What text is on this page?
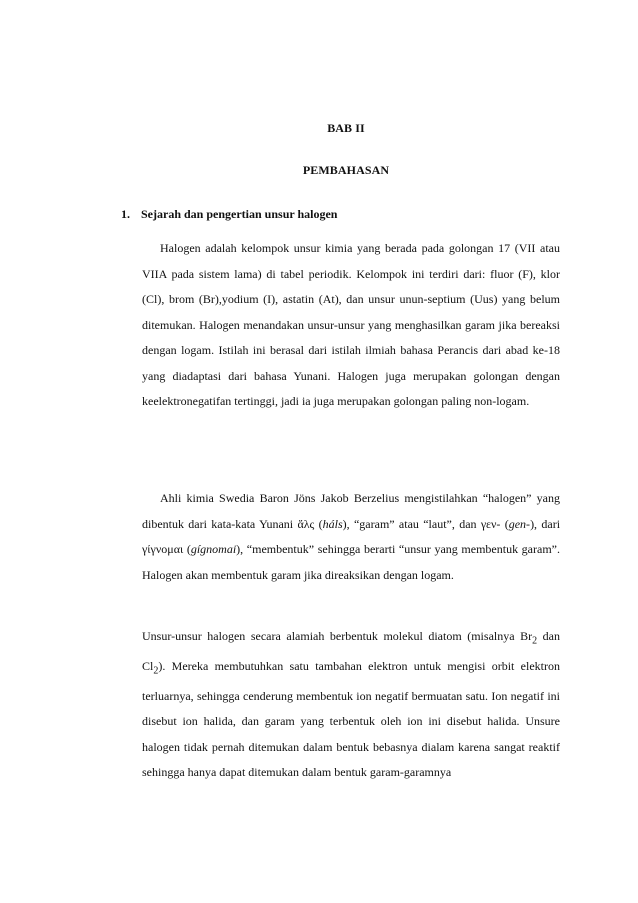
BAB II
PEMBAHASAN
1. Sejarah dan pengertian unsur halogen

Halogen adalah kelompok unsur kimia yang berada pada golongan 17 (VII atau VIIA pada sistem lama) di tabel periodik. Kelompok ini terdiri dari: fluor (F), klor (Cl), brom (Br),yodium (I), astatin (At), dan unsur unun-septium (Uus) yang belum ditemukan. Halogen menandakan unsur-unsur yang menghasilkan garam jika bereaksi dengan logam. Istilah ini berasal dari istilah ilmiah bahasa Perancis dari abad ke-18 yang diadaptasi dari bahasa Yunani. Halogen juga merupakan golongan dengan keelektronegatifan tertinggi, jadi ia juga merupakan golongan paling non-logam.

Ahli kimia Swedia Baron Jöns Jakob Berzelius mengistilahkan “halogen” yang dibentuk dari kata-kata Yunani ἅλς (háls), “garam” atau “laut”, dan γεν- (gen-), dari γίγνομαι (gígnomai), “membentuk” sehingga berarti “unsur yang membentuk garam”. Halogen akan membentuk garam jika direaksikan dengan logam.

Unsur-unsur halogen secara alamiah berbentuk molekul diatom (misalnya $Br_2$ dan $Cl_2$). Mereka membutuhkan satu tambahan elektron untuk mengisi orbit elektron terluarnya, sehingga cenderung membentuk ion negatif bermuatan satu. Ion negatif ini disebut ion halida, dan garam yang terbentuk oleh ion ini disebut halida. Unsure halogen tidak pernah ditemukan dalam bentuk bebasnya dialam karena sangat reaktif sehingga hanya dapat ditemukan dalam bentuk garam-garamnya
